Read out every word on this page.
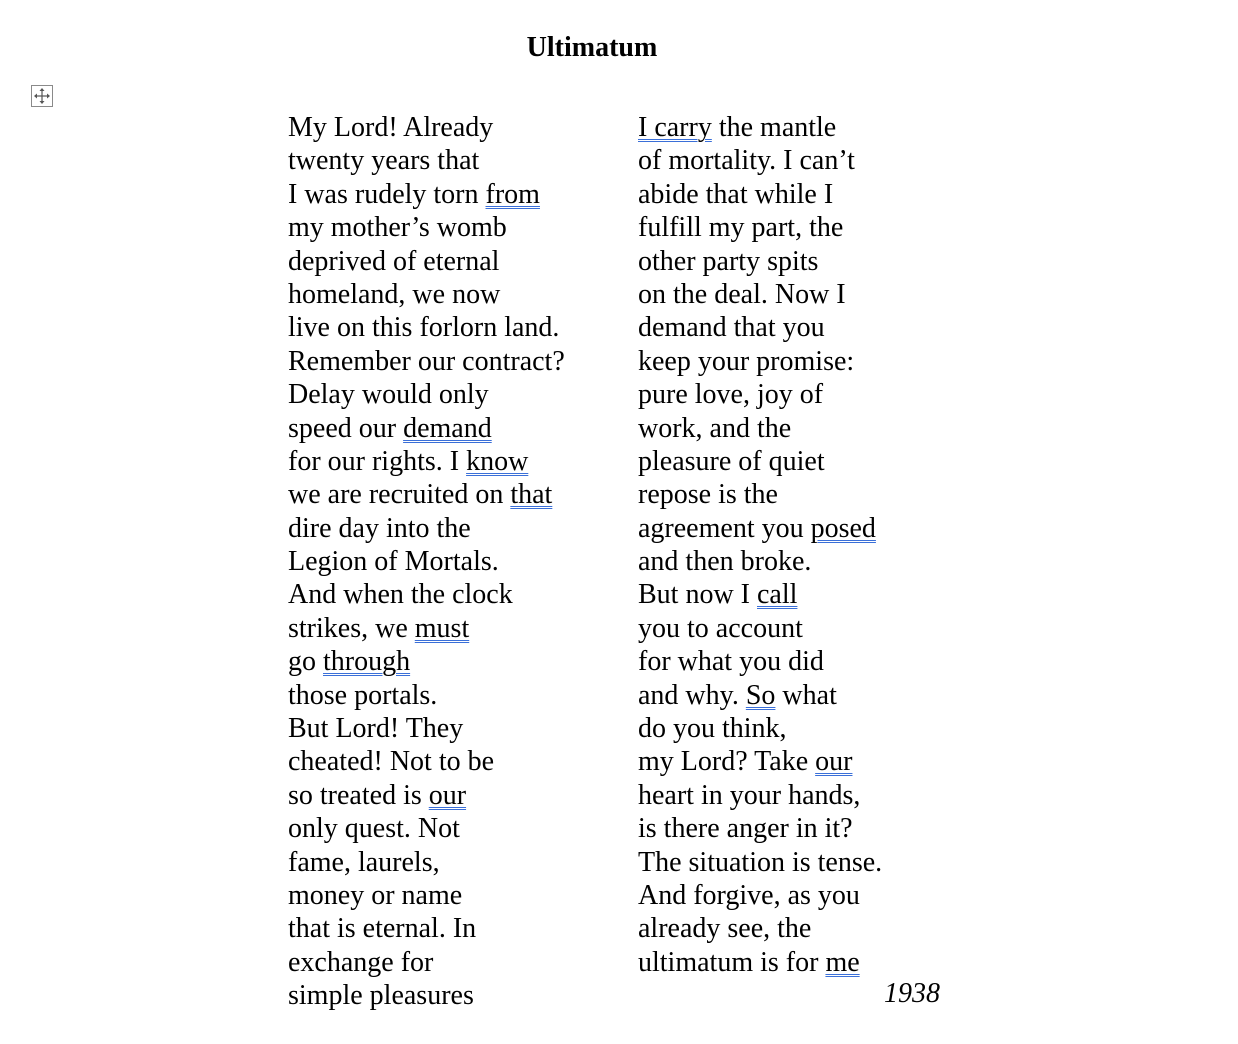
Ultimatum
My Lord! Already
twenty years that
I was rudely torn from
my mother’s womb
deprived of eternal
homeland, we now
live on this forlorn land.
Remember our contract?
Delay would only
speed our demand
for our rights. I know
we are recruited on that
dire day into the
Legion of Mortals.
And when the clock
strikes, we must
go through
those portals.
But Lord! They
cheated! Not to be
so treated is our
only quest. Not
fame, laurels,
money or name
that is eternal. In
exchange for
simple pleasures
I carry the mantle
of mortality. I can’t
abide that while I
fulfill my part, the
other party spits
on the deal. Now I
demand that you
keep your promise:
pure love, joy of
work, and the
pleasure of quiet
repose is the
agreement you posed
and then broke.
But now I call
you to account
for what you did
and why. So what
do you think,
my Lord? Take our
heart in your hands,
is there anger in it?
The situation is tense.
And forgive, as you
already see, the
ultimatum is for me
1938
